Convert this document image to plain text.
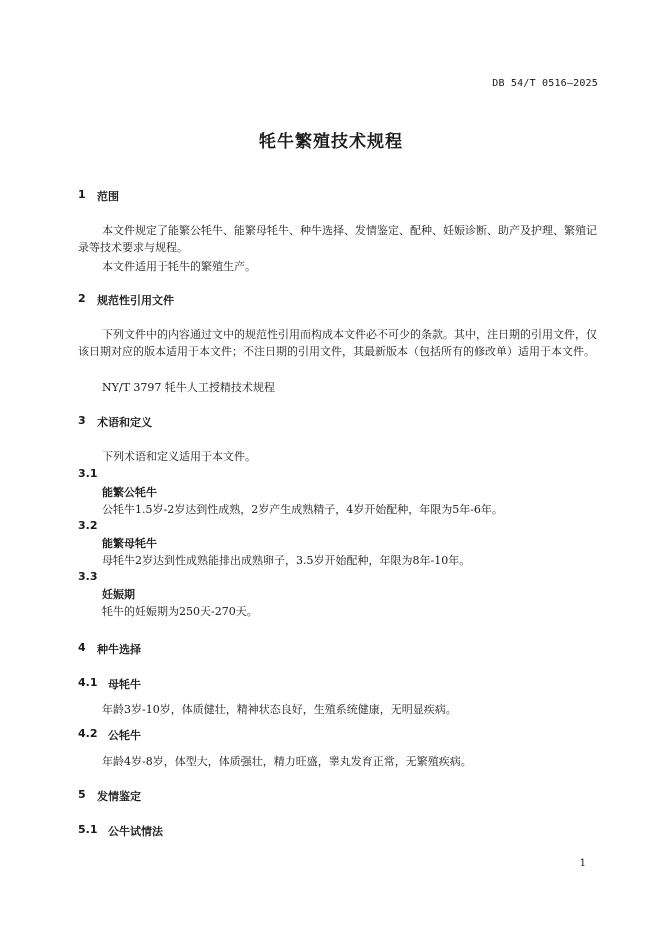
DB 54/T 0516—2025
牦牛繁殖技术规程
1 范围
本文件规定了能繁公牦牛、能繁母牦牛、种牛选择、发情鉴定、配种、妊娠诊断、助产及护理、繁殖记录等技术要求与规程。
本文件适用于牦牛的繁殖生产。
2 规范性引用文件
下列文件中的内容通过文中的规范性引用而构成本文件必不可少的条款。其中，注日期的引用文件，仅该日期对应的版本适用于本文件；不注日期的引用文件，其最新版本（包括所有的修改单）适用于本文件。
NY/T 3797 牦牛人工授精技术规程
3 术语和定义
下列术语和定义适用于本文件。
3.1
能繁公牦牛
公牦牛1.5岁-2岁达到性成熟，2岁产生成熟精子，4岁开始配种，年限为5年-6年。
3.2
能繁母牦牛
母牦牛2岁达到性成熟能排出成熟卵子，3.5岁开始配种，年限为8年-10年。
3.3
妊娠期
牦牛的妊娠期为250天-270天。
4 种牛选择
4.1 母牦牛
年龄3岁-10岁，体质健壮，精神状态良好，生殖系统健康，无明显疾病。
4.2 公牦牛
年龄4岁-8岁，体型大，体质强壮，精力旺盛，睾丸发育正常，无繁殖疾病。
5 发情鉴定
5.1 公牛试情法
1
